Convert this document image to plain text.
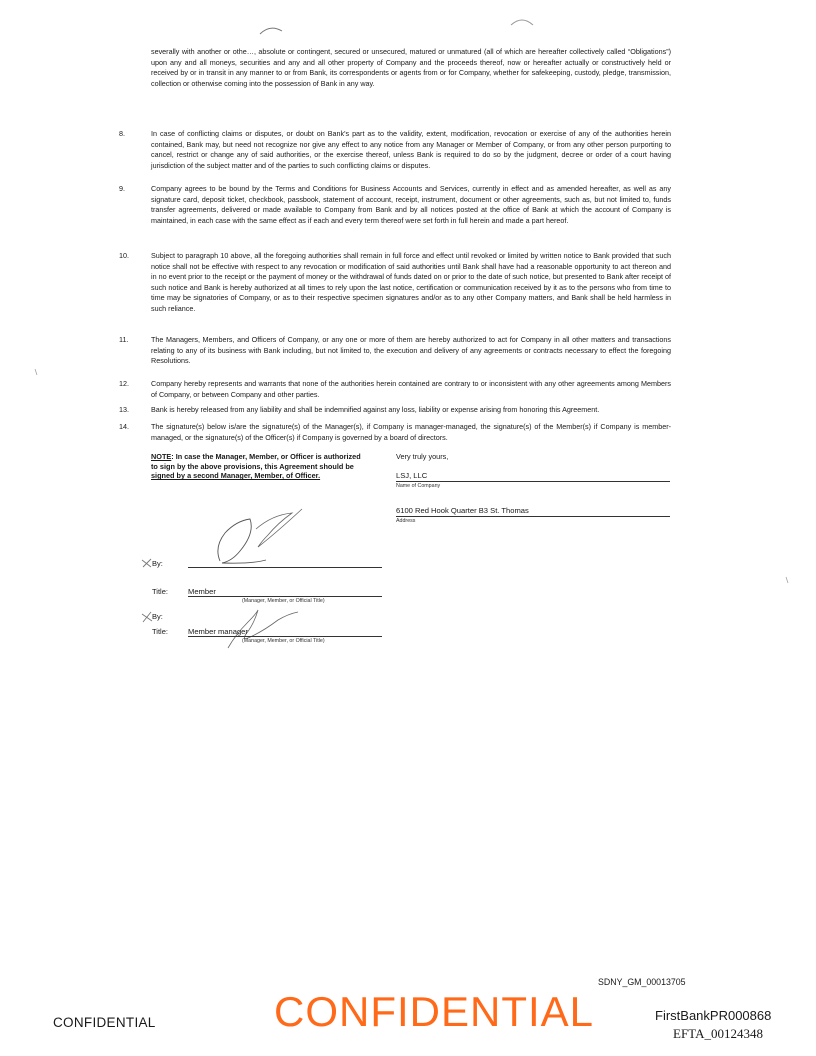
severally with another or othe…, absolute or contingent, secured or unsecured, matured or unmatured (all of which are hereafter collectively called “Obligations”) upon any and all moneys, securities and any and all other property of Company and the proceeds thereof, now or hereafter actually or constructively held or received by or in transit in any manner to or from Bank, its correspondents or agents from or for Company, whether for safekeeping, custody, pledge, transmission, collection or otherwise coming into the possession of Bank in any way.

8.	In case of conflicting claims or disputes, or doubt on Bank's part as to the validity, extent, modification, revocation or exercise of any of the authorities herein contained, Bank may, but need not recognize nor give any effect to any notice from any Manager or Member of Company, or from any other person purporting to cancel, restrict or change any of said authorities, or the exercise thereof, unless Bank is required to do so by the judgment, decree or order of a court having jurisdiction of the subject matter and of the parties to such conflicting claims or disputes.
9.	Company agrees to be bound by the Terms and Conditions for Business Accounts and Services, currently in effect and as amended hereafter, as well as any signature card, deposit ticket, checkbook, passbook, statement of account, receipt, instrument, document or other agreements, such as, but not limited to, funds transfer agreements, delivered or made available to Company from Bank and by all notices posted at the office of Bank at which the account of Company is maintained, in each case with the same effect as if each and every term thereof were set forth in full herein and made a part hereof.
10.	Subject to paragraph 10 above, all the foregoing authorities shall remain in full force and effect until revoked or limited by written notice to Bank provided that such notice shall not be effective with respect to any revocation or modification of said authorities until Bank shall have had a reasonable opportunity to act thereon and in no event prior to the receipt or the payment of money or the withdrawal of funds dated on or prior to the date of such notice, but presented to Bank after receipt of such notice and Bank is hereby authorized at all times to rely upon the last notice, certification or communication received by it as to the persons who from time to time may be signatories of Company, or as to their respective specimen signatures and/or as to any other Company matters, and Bank shall be held harmless in such reliance.
11.	The Managers, Members, and Officers of Company, or any one or more of them are hereby authorized to act for Company in all other matters and transactions relating to any of its business with Bank including, but not limited to, the execution and delivery of any agreements or contracts necessary to effect the foregoing Resolutions.
12.	Company hereby represents and warrants that none of the authorities herein contained are contrary to or inconsistent with any other agreements among Members of Company, or between Company and other parties.
13.	Bank is hereby released from any liability and shall be indemnified against any loss, liability or expense arising from honoring this Agreement.
14.	The signature(s) below is/are the signature(s) of the Manager(s), if Company is manager-managed, the signature(s) of the Member(s) if Company is member-managed, or the signature(s) of the Officer(s) if Company is governed by a board of directors.
NOTE: In case the Manager, Member, or Officer is authorized
to sign by the above provisions, this Agreement should be
signed by a second Manager, Member, of Officer.
Very truly yours,
LSJ, LLC
Name of Company
6100 Red Hook Quarter B3 St. Thomas
Address
By:
Title:	Member
(Manager, Member, or Official Title)
By:
Title:	Member manager
(Manager, Member, or Official Title)
CONFIDENTIAL	CONFIDENTIAL
SDNY_GM_00013705
FirstBankPR000868
EFTA_00124348
